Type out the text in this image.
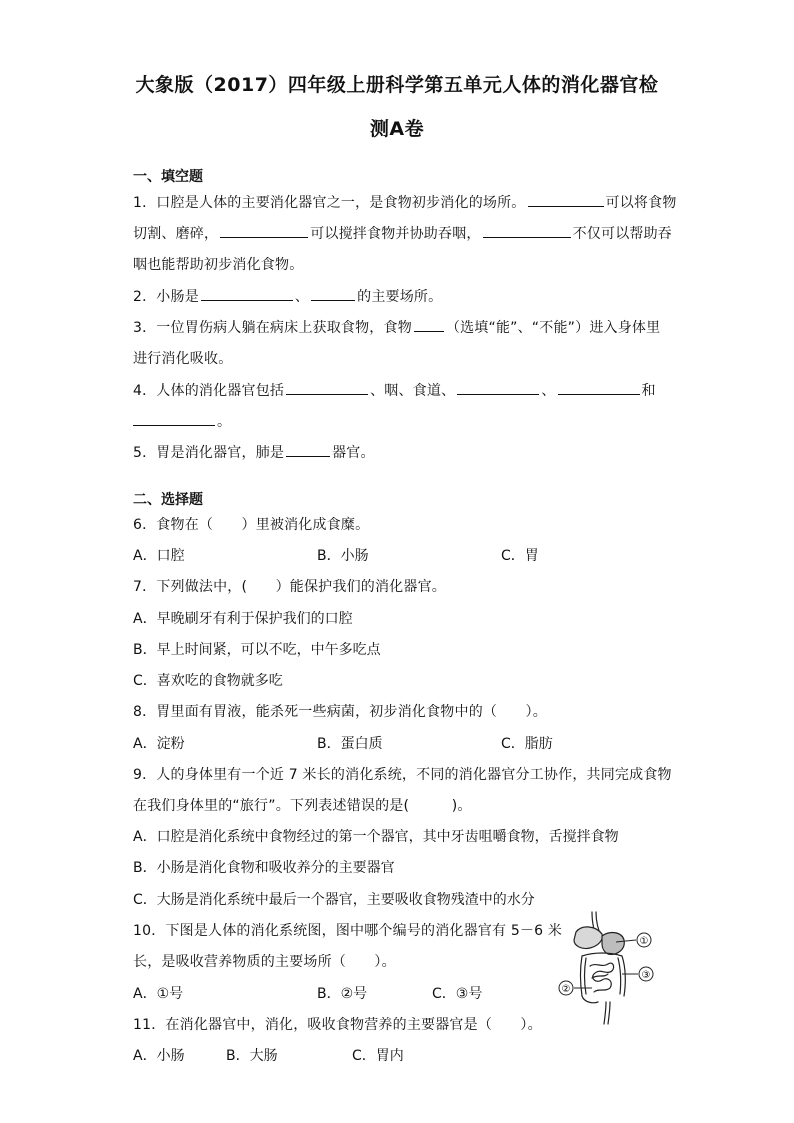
大象版（2017）四年级上册科学第五单元人体的消化器官检
测A卷
一、填空题
1．口腔是人体的主要消化器官之一，是食物初步消化的场所。	可以将食物
切割、磨碎，	可以搅拌食物并协助吞咽，	不仅可以帮助吞
咽也能帮助初步消化食物。
2．小肠是	、	的主要场所。
3．一位胃伤病人躺在病床上获取食物，食物 （选填“能”、“不能”）进入身体里
进行消化吸收。
4．人体的消化器官包括	、咽、食道、	、	和
。
5．胃是消化器官，肺是	器官。
二、选择题
6．食物在（　　）里被消化成食糜。
A．口腔	B．小肠	C．胃
7．下列做法中，(　　）能保护我们的消化器官。
A．早晚刷牙有利于保护我们的口腔
B．早上时间紧，可以不吃，中午多吃点
C．喜欢吃的食物就多吃
8．胃里面有胃液，能杀死一些病菌，初步消化食物中的（　　）。
A．淀粉	B．蛋白质	C．脂肪
9．人的身体里有一个近 7 米长的消化系统，不同的消化器官分工协作，共同完成食物
在我们身体里的“旅行”。下列表述错误的是(　　　)。
A．口腔是消化系统中食物经过的第一个器官，其中牙齿咀嚼食物，舌搅拌食物
B．小肠是消化食物和吸收养分的主要器官
C．大肠是消化系统中最后一个器官，主要吸收食物残渣中的水分
10．下图是人体的消化系统图，图中哪个编号的消化器官有 5－6 米
长，是吸收营养物质的主要场所（　　）。
A．①号	B．②号	C．③号
①
③
②
11．在消化器官中，消化，吸收食物营养的主要器官是（　　）。
A．小肠	B．大肠	C．胃内
